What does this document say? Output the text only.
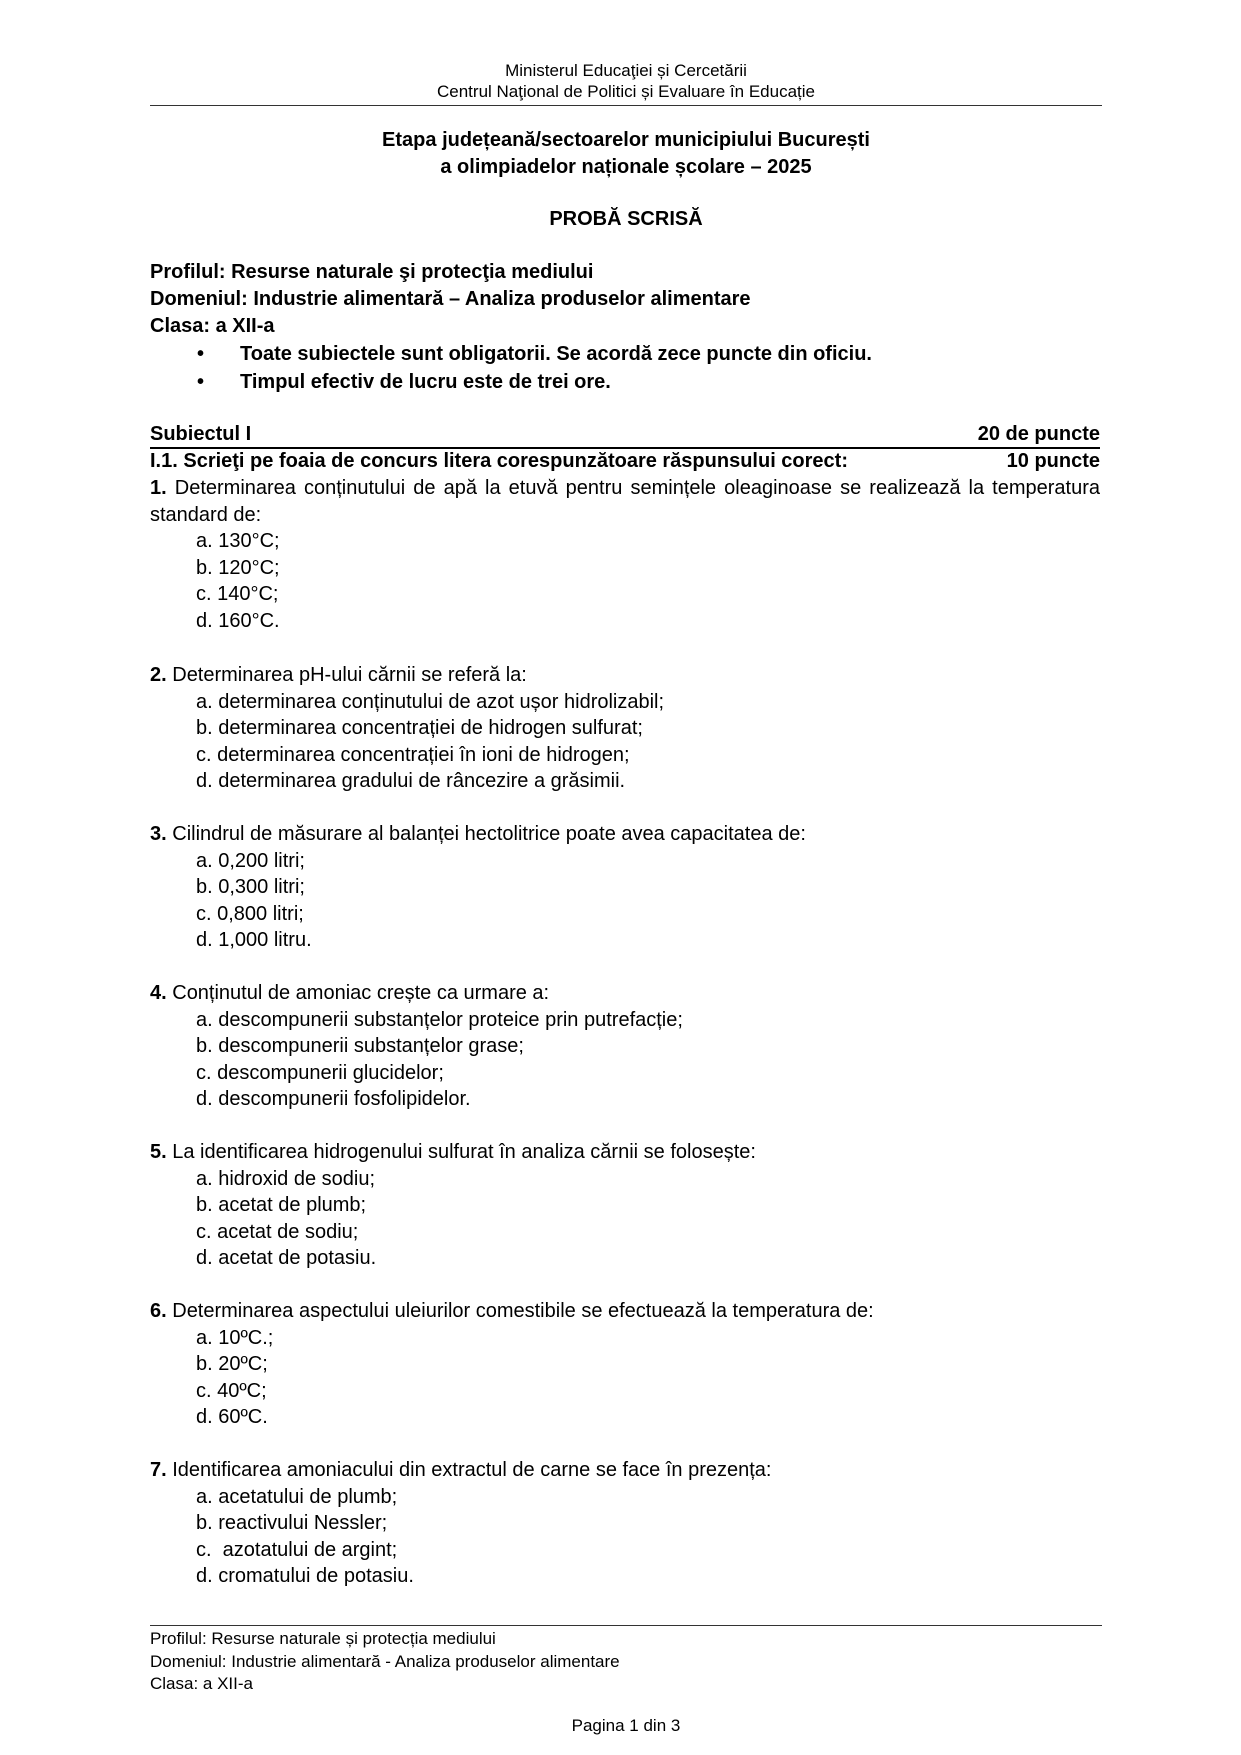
Ministerul Educaţiei și Cercetării
Centrul Naţional de Politici și Evaluare în Educație
Etapa județeană/sectoarelor municipiului București
a olimpiadelor naționale școlare – 2025
PROBĂ SCRISĂ
Profilul: Resurse naturale şi protecţia mediului
Domeniul: Industrie alimentară – Analiza produselor alimentare
Clasa: a XII-a
• Toate subiectele sunt obligatorii. Se acordă zece puncte din oficiu.
• Timpul efectiv de lucru este de trei ore.
Subiectul I	20 de puncte
I.1. Scrieţi pe foaia de concurs litera corespunzătoare răspunsului corect:	10 puncte
1. Determinarea conținutului de apă la etuvă pentru semințele oleaginoase se realizează la temperatura standard de:
a. 130°C;
b. 120°C;
c. 140°C;
d. 160°C.
2. Determinarea pH-ului cărnii se referă la:
a. determinarea conținutului de azot ușor hidrolizabil;
b. determinarea concentrației de hidrogen sulfurat;
c. determinarea concentrației în ioni de hidrogen;
d. determinarea gradului de râncezire a grăsimii.
3. Cilindrul de măsurare al balanței hectolitrice poate avea capacitatea de:
a. 0,200 litri;
b. 0,300 litri;
c. 0,800 litri;
d. 1,000 litru.
4. Conținutul de amoniac crește ca urmare a:
a. descompunerii substanțelor proteice prin putrefacție;
b. descompunerii substanțelor grase;
c. descompunerii glucidelor;
d. descompunerii fosfolipidelor.
5. La identificarea hidrogenului sulfurat în analiza cărnii se folosește:
a. hidroxid de sodiu;
b. acetat de plumb;
c. acetat de sodiu;
d. acetat de potasiu.
6. Determinarea aspectului uleiurilor comestibile se efectuează la temperatura de:
a. 10ºC.;
b. 20ºC;
c. 40ºC;
d. 60ºC.
7. Identificarea amoniacului din extractul de carne se face în prezența:
a. acetatului de plumb;
b. reactivului Nessler;
c.  azotatului de argint;
d. cromatului de potasiu.
Profilul: Resurse naturale și protecția mediului
Domeniul: Industrie alimentară - Analiza produselor alimentare
Clasa: a XII-a
Pagina 1 din 3
